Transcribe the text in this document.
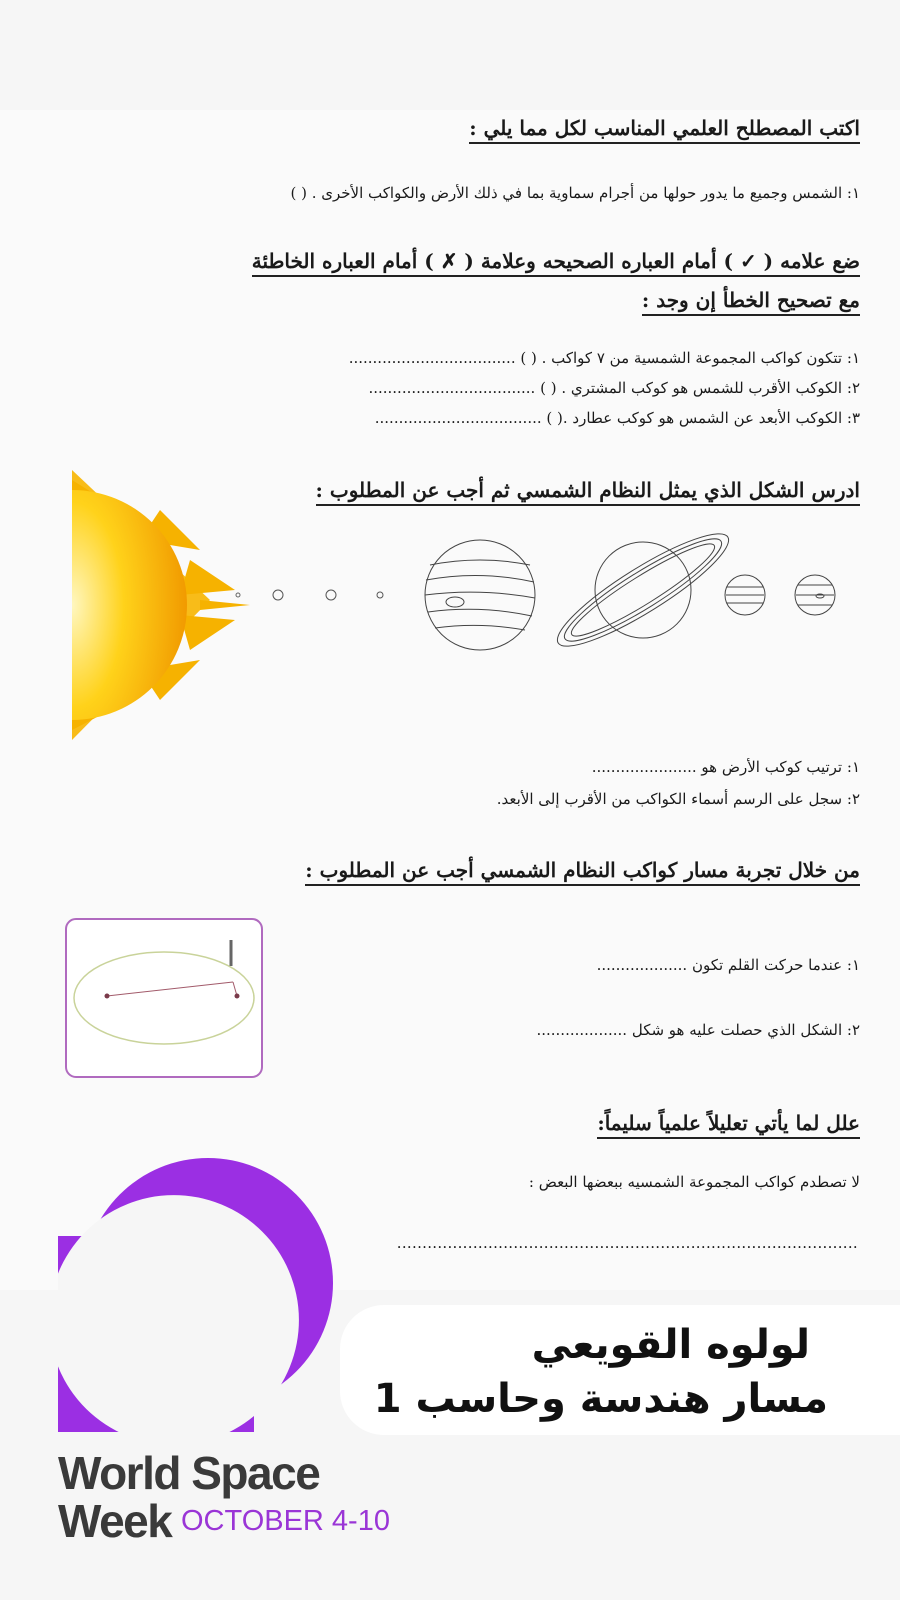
اكتب المصطلح العلمي المناسب لكل مما يلي :
١: الشمس وجميع ما يدور حولها من أجرام سماوية بما في ذلك الأرض والكواكب الأخرى . ( )
ضع علامه ( ✓ ) أمام العباره الصحيحه وعلامة ( ✗ ) أمام العباره الخاطئة
مع تصحيح الخطأ إن وجد :
١: تتكون كواكب المجموعة الشمسية من ٧ كواكب . ( ) ...................................
٢: الكوكب الأقرب للشمس هو كوكب المشتري . ( ) ...................................
٣: الكوكب الأبعد عن الشمس هو كوكب عطارد .( ) ...................................
ادرس الشكل الذي يمثل النظام الشمسي ثم أجب عن المطلوب :
١: ترتيب كوكب الأرض هو ......................
٢: سجل على الرسم أسماء الكواكب من الأقرب إلى الأبعد.
من خلال تجربة مسار كواكب النظام الشمسي أجب عن المطلوب :
١: عندما حركت القلم تكون ...................
٢: الشكل الذي حصلت عليه هو شكل ...................
علل لما يأتي تعليلاً علمياً سليماً:
لا تصطدم كواكب المجموعة الشمسيه ببعضها البعض :
...........................................................................................
World Space
Week OCTOBER 4-10
لولوه القويعي
مسار هندسة وحاسب 1
